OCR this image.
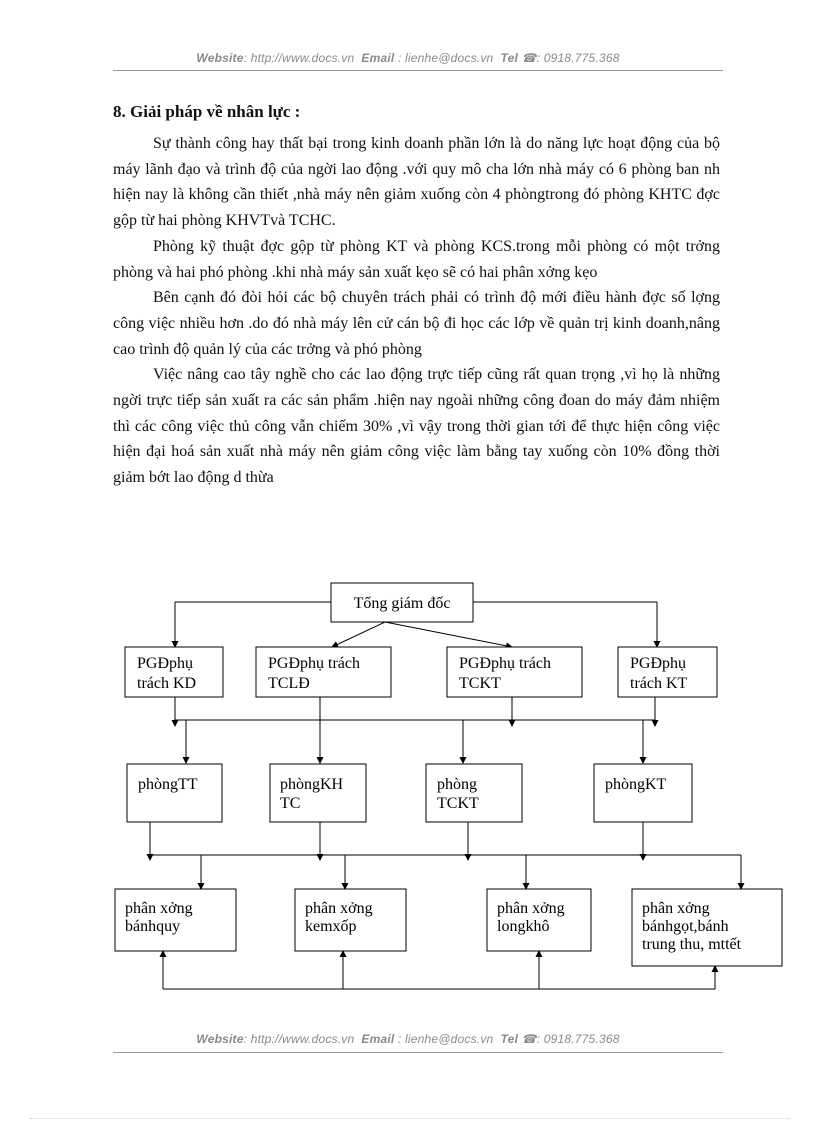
Website: http://www.docs.vn Email : lienhe@docs.vn Tel ☎: 0918.775.368
8. Giải pháp về nhân lực :

Sự thành công hay thất bại trong kinh doanh phần lớn là do năng lực hoạt động của bộ máy lãnh đạo và trình độ của ngời lao động .với quy mô cha lớn nhà máy có 6 phòng ban nh hiện nay là không cần thiết ,nhà máy nên giảm xuống còn 4 phòngtrong đó phòng KHTC đợc gộp từ hai phòng KHVTvà TCHC.

Phòng kỹ thuật đợc gộp từ phòng KT và phòng KCS.trong mỗi phòng có một trởng phòng và hai phó phòng .khi nhà máy sản xuất kẹo sẽ có hai phân xởng kẹo

Bên cạnh đó đòi hỏi các bộ chuyên trách phải có trình độ mới điều hành đợc số lợng công việc nhiều hơn .do đó nhà máy lên cử cán bộ đi học các lớp về quản trị kinh doanh,nâng cao trình độ quản lý của các trởng và phó phòng

Việc nâng cao tây nghề cho các lao động trực tiếp cũng rất quan trọng ,vì họ là những ngời trực tiếp sản xuất ra các sản phẩm .hiện nay ngoài những công đoan do máy đảm nhiệm thì các công việc thủ công vẫn chiếm 30% ,vì vậy trong thời gian tới để thực hiện công việc hiện đại hoá sản xuất nhà máy nên giảm công việc làm bằng tay xuống còn 10% đồng thời giảm bớt lao động d thừa

Tổng giám đốc
PGĐphụ
trách KD
PGĐphụ trách
TCLĐ
PGĐphụ trách
TCKT
PGĐphụ
trách KT
phòngTT	phòngKH
TC
phòng
TCKT
phòngKT
phân xởng
bánhquy
phân xởng
kemxốp
phân xởng
longkhô
phân xởng
bánhgọt,bánh
trung thu, mttết
Website: http://www.docs.vn Email : lienhe@docs.vn Tel ☎: 0918.775.368
